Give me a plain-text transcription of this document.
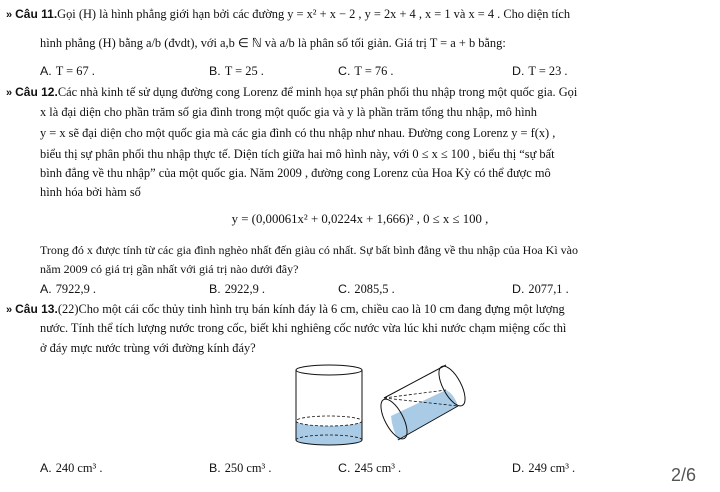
» Câu 11.Gọi (H) là hình phẳng giới hạn bởi các đường y = x² + x − 2 , y = 2x + 4 , x = 1 và x = 4 . Cho diện tích
hình phẳng (H) bằng a/b (đvdt), với a,b ∈ ℕ và a/b là phân số tối giản. Giá trị T = a + b bằng:
A. T = 67 .	B. T = 25 .	C. T = 76 .	D. T = 23 .
» Câu 12.Các nhà kinh tế sử dụng đường cong Lorenz để minh họa sự phân phối thu nhập trong một quốc gia. Gọi
x là đại diện cho phần trăm số gia đình trong một quốc gia và y là phần trăm tổng thu nhập, mô hình
y = x sẽ đại diện cho một quốc gia mà các gia đình có thu nhập như nhau. Đường cong Lorenz y = f(x) ,
biểu thị sự phân phối thu nhập thực tế. Diện tích giữa hai mô hình này, với 0 ≤ x ≤ 100 , biểu thị “sự bất
bình đẳng về thu nhập” của một quốc gia. Năm 2009 , đường cong Lorenz của Hoa Kỳ có thể được mô
hình hóa bởi hàm số
y = (0,00061x² + 0,0224x + 1,666)² , 0 ≤ x ≤ 100 ,
Trong đó x được tính từ các gia đình nghèo nhất đến giàu có nhất. Sự bất bình đẳng về thu nhập của Hoa Kì vào
năm 2009 có giá trị gần nhất với giá trị nào dưới đây?
A. 7922,9 .	B. 2922,9 .	C. 2085,5 .	D. 2077,1 .
» Câu 13.(22)Cho một cái cốc thủy tinh hình trụ bán kính đáy là 6 cm, chiều cao là 10 cm đang đựng một lượng
nước. Tính thể tích lượng nước trong cốc, biết khi nghiêng cốc nước vừa lúc khi nước chạm miệng cốc thì
ở đáy mực nước trùng với đường kính đáy?
A. 240 cm³ .	B. 250 cm³ .	C. 245 cm³ .	D. 249 cm³ .	2/6
